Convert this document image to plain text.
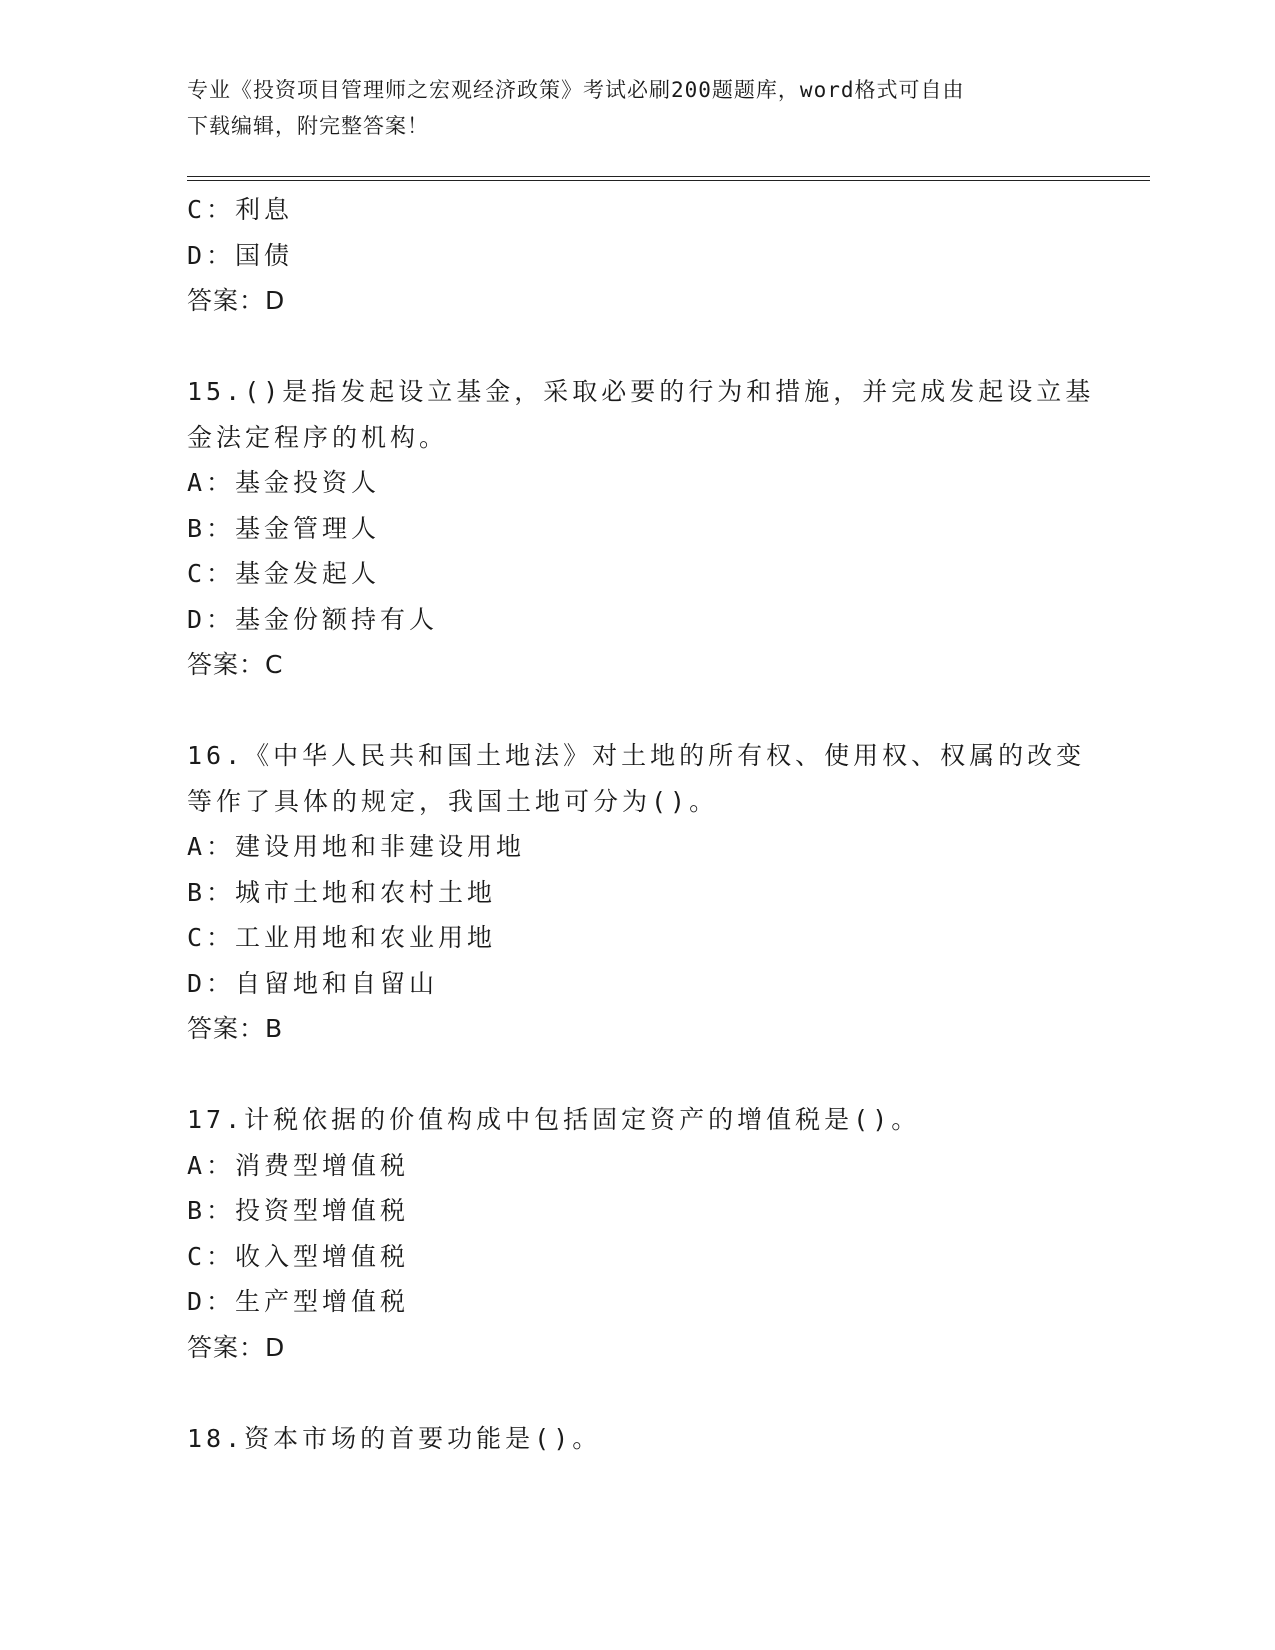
专业《投资项目管理师之宏观经济政策》考试必刷200题题库，word格式可自由
下载编辑，附完整答案！
C：利息
D：国债
答案：D
15.()是指发起设立基金，采取必要的行为和措施，并完成发起设立基
金法定程序的机构。
A：基金投资人
B：基金管理人
C：基金发起人
D：基金份额持有人
答案：C
16.《中华人民共和国土地法》对土地的所有权、使用权、权属的改变
等作了具体的规定，我国土地可分为()。
A：建设用地和非建设用地
B：城市土地和农村土地
C：工业用地和农业用地
D：自留地和自留山
答案：B
17.计税依据的价值构成中包括固定资产的增值税是()。
A：消费型增值税
B：投资型增值税
C：收入型增值税
D：生产型增值税
答案：D
18.资本市场的首要功能是()。
